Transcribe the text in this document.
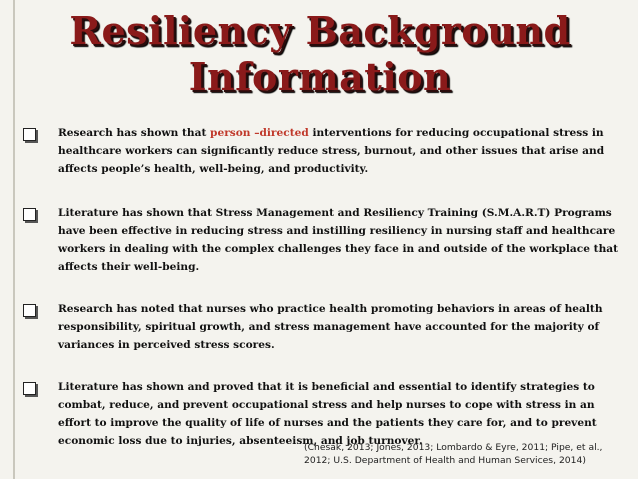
Resiliency Background
Information
Research has shown that person –directed interventions for reducing occupational stress in healthcare workers can significantly reduce stress, burnout, and other issues that arise and affects people’s health, well-being, and productivity.
Literature has shown that Stress Management and Resiliency Training (S.M.A.R.T) Programs have been effective in reducing stress and instilling resiliency in nursing staff and healthcare workers in dealing with the complex challenges they face in and outside of the workplace that affects their well-being.
Research has noted that nurses who practice health promoting behaviors in areas of health responsibility, spiritual growth, and stress management have accounted for the majority of variances in perceived stress scores.
Literature has shown and proved that it is beneficial and essential to identify strategies to combat, reduce, and prevent occupational stress and help nurses to cope with stress in an effort to improve the quality of life of nurses and the patients they care for, and to prevent economic loss due to injuries, absenteeism, and job turnover.
(Chesak, 2013; Jones, 2013; Lombardo & Eyre, 2011; Pipe, et al., 2012; U.S. Department of Health and Human Services, 2014)
